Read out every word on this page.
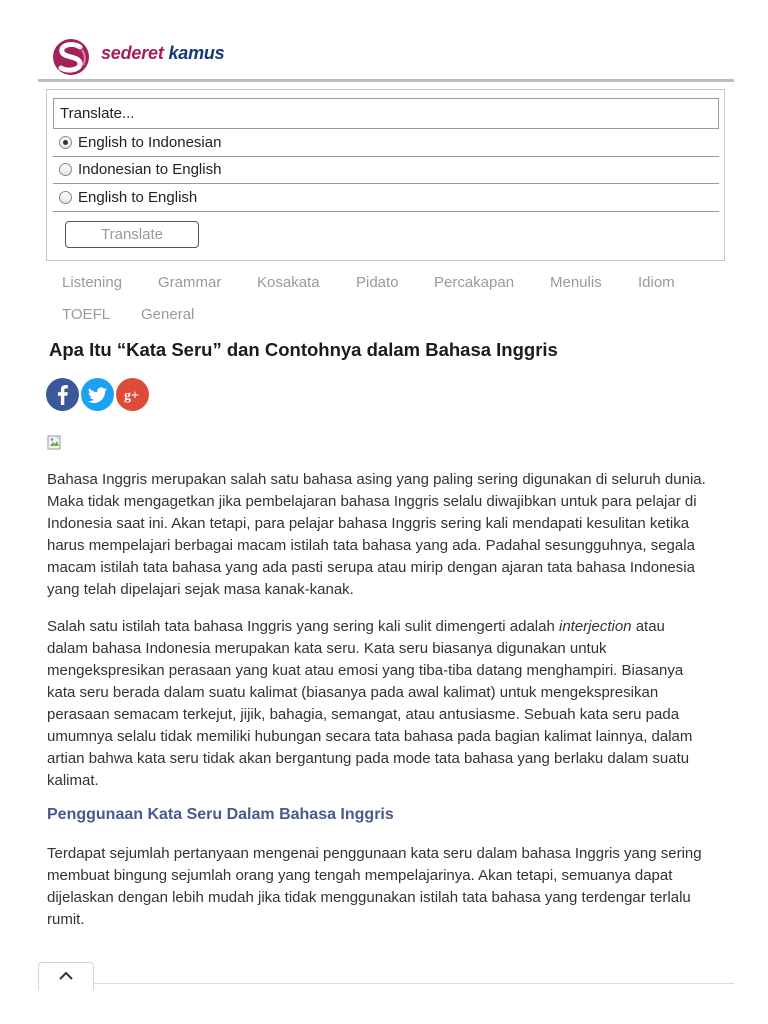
sederet kamus
Translate...
English to Indonesian
Indonesian to English
English to English
Translate
Listening Grammar Kosakata Pidato Percakapan Menulis Idiom
TOEFL General
Apa Itu “Kata Seru” dan Contohnya dalam Bahasa Inggris
g+
Bahasa Inggris merupakan salah satu bahasa asing yang paling sering digunakan di seluruh dunia.
Maka tidak mengagetkan jika pembelajaran bahasa Inggris selalu diwajibkan untuk para pelajar di
Indonesia saat ini. Akan tetapi, para pelajar bahasa Inggris sering kali mendapati kesulitan ketika
harus mempelajari berbagai macam istilah tata bahasa yang ada. Padahal sesungguhnya, segala
macam istilah tata bahasa yang ada pasti serupa atau mirip dengan ajaran tata bahasa Indonesia
yang telah dipelajari sejak masa kanak-kanak.
Salah satu istilah tata bahasa Inggris yang sering kali sulit dimengerti adalah interjection atau
dalam bahasa Indonesia merupakan kata seru. Kata seru biasanya digunakan untuk
mengekspresikan perasaan yang kuat atau emosi yang tiba-tiba datang menghampiri. Biasanya
kata seru berada dalam suatu kalimat (biasanya pada awal kalimat) untuk mengekspresikan
perasaan semacam terkejut, jijik, bahagia, semangat, atau antusiasme. Sebuah kata seru pada
umumnya selalu tidak memiliki hubungan secara tata bahasa pada bagian kalimat lainnya, dalam
artian bahwa kata seru tidak akan bergantung pada mode tata bahasa yang berlaku dalam suatu
kalimat.
Penggunaan Kata Seru Dalam Bahasa Inggris
Terdapat sejumlah pertanyaan mengenai penggunaan kata seru dalam bahasa Inggris yang sering
membuat bingung sejumlah orang yang tengah mempelajarinya. Akan tetapi, semuanya dapat
dijelaskan dengan lebih mudah jika tidak menggunakan istilah tata bahasa yang terdengar terlalu
rumit.
